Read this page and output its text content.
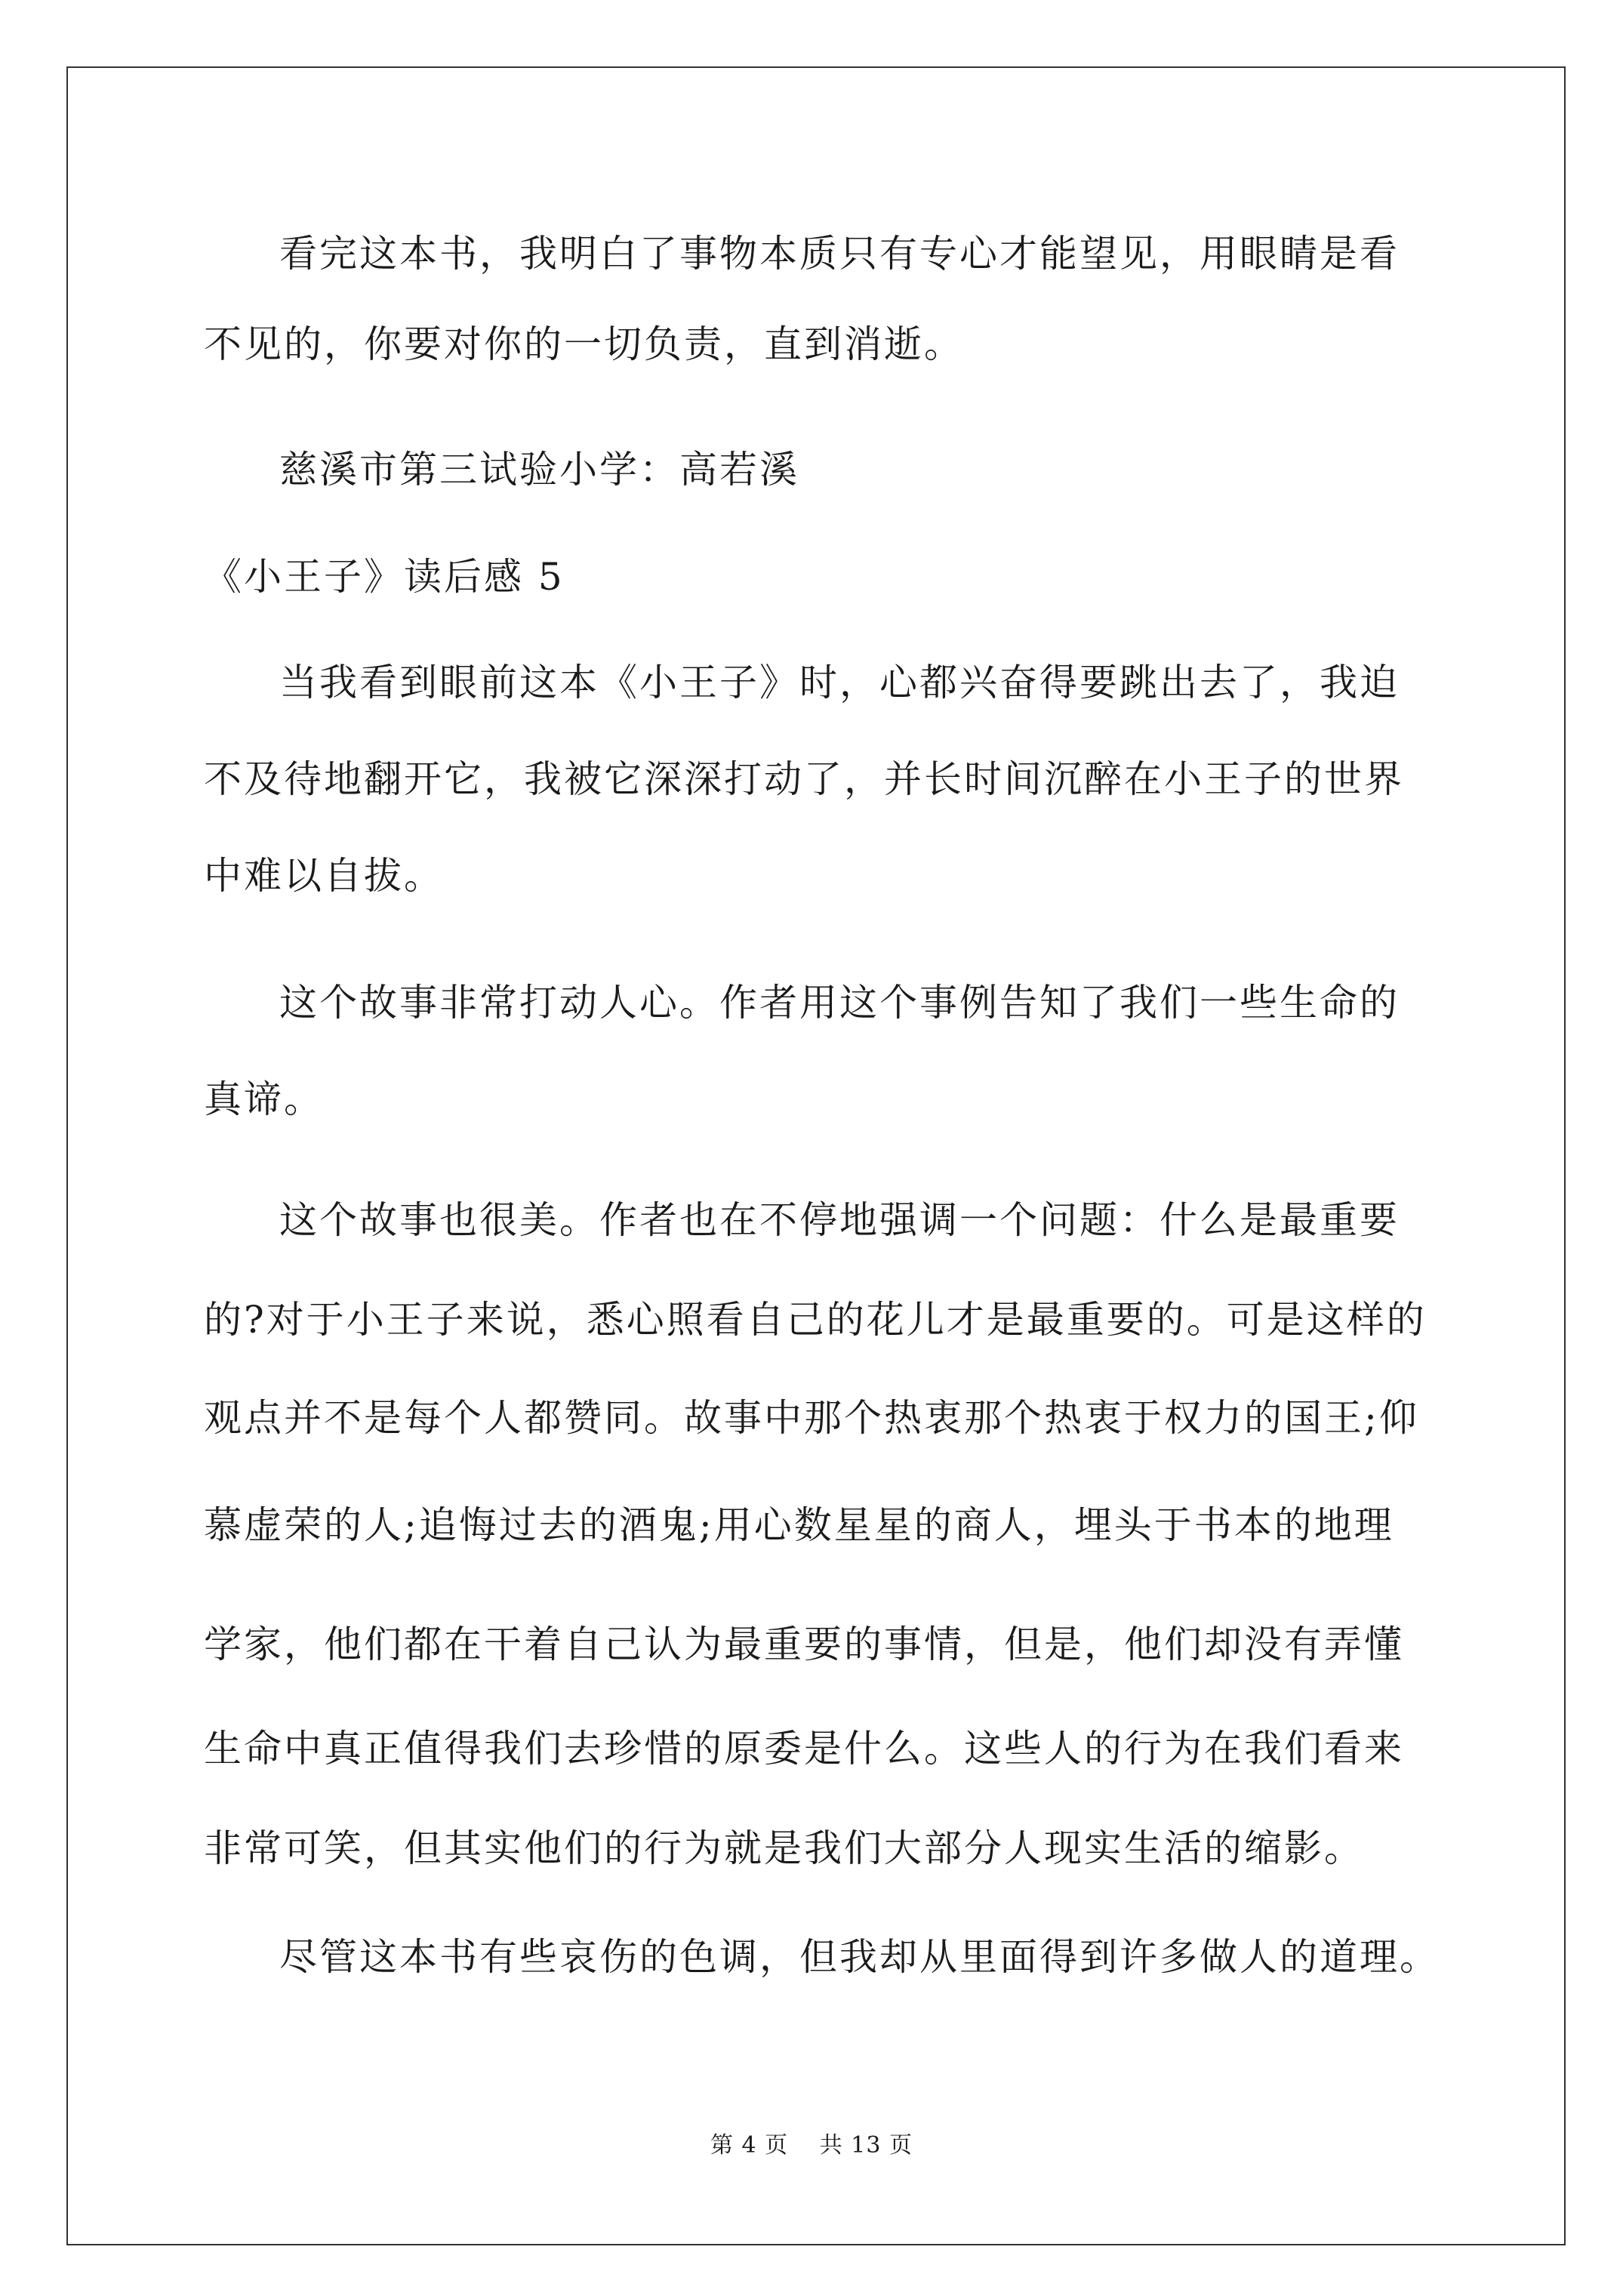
看完这本书，我明白了事物本质只有专心才能望见，用眼睛是看
不见的，你要对你的一切负责，直到消逝。
慈溪市第三试验小学：高若溪
《小王子》读后感 5
当我看到眼前这本《小王子》时，心都兴奋得要跳出去了，我迫
不及待地翻开它，我被它深深打动了，并长时间沉醉在小王子的世界
中难以自拔。
这个故事非常打动人心。作者用这个事例告知了我们一些生命的
真谛。
这个故事也很美。作者也在不停地强调一个问题：什么是最重要
的?对于小王子来说，悉心照看自己的花儿才是最重要的。可是这样的
观点并不是每个人都赞同。故事中那个热衷那个热衷于权力的国王;仰
慕虚荣的人;追悔过去的酒鬼;用心数星星的商人，埋头于书本的地理
学家，他们都在干着自己认为最重要的事情，但是，他们却没有弄懂
生命中真正值得我们去珍惜的原委是什么。这些人的行为在我们看来
非常可笑，但其实他们的行为就是我们大部分人现实生活的缩影。
尽管这本书有些哀伤的色调，但我却从里面得到许多做人的道理。
第 4 页　 共 13 页
